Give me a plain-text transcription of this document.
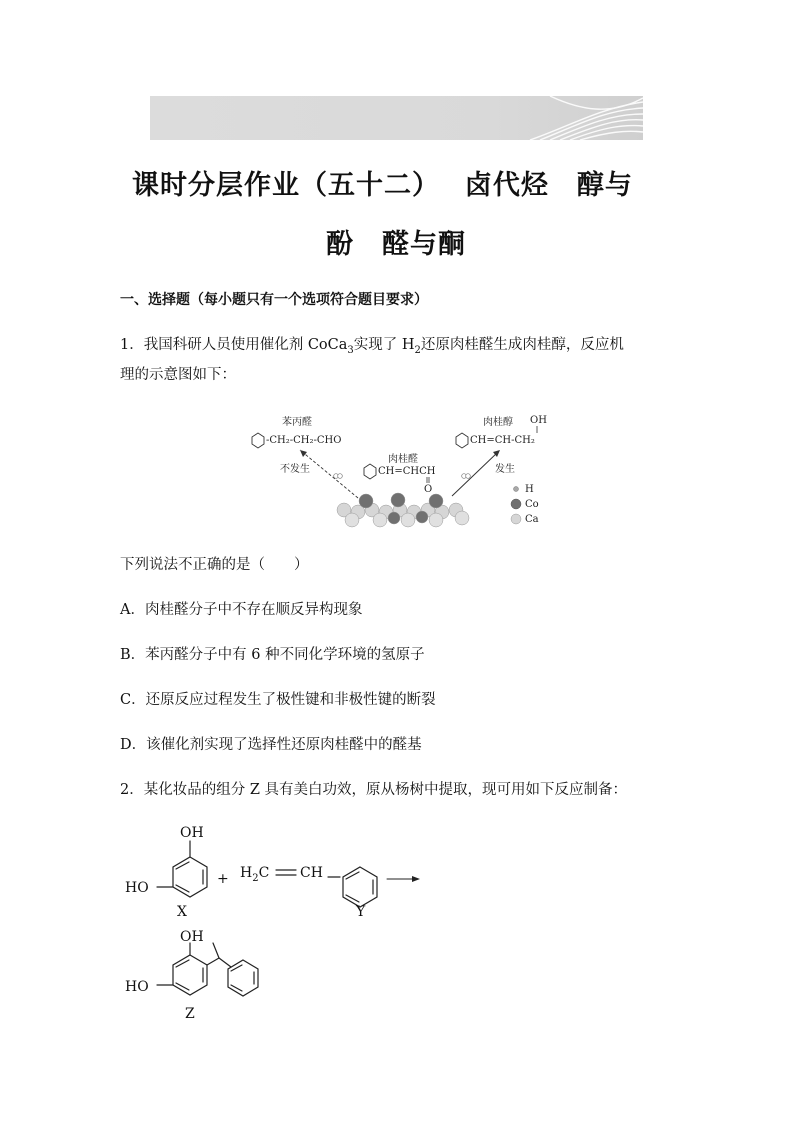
课时分层作业（五十二）　 卤代烃　醇与
酚　醛与酮
一、选择题（每小题只有一个选项符合题目要求）
1．我国科研人员使用催化剂 CoCa$_3$实现了 $H_2$还原肉桂醛生成肉桂醇，反应机
理的示意图如下：
苯丙醛
-CH₂-CH₂-CHO
不发生
肉桂醛
CH=CHCH
O
肉桂醇 OH
CH=CH-CH₂
发生
H
Co
Ca
下列说法不正确的是（　　）
A．肉桂醛分子中不存在顺反异构现象
B．苯丙醛分子中有 6 种不同化学环境的氢原子
C．还原反应过程发生了极性键和非极性键的断裂
D．该催化剂实现了选择性还原肉桂醛中的醛基
2．某化妆品的组分 Z 具有美白功效，原从杨树中提取，现可用如下反应制备：
OH
HO
X
+ $H_2C$ CH
Y
OH
HO
Z
